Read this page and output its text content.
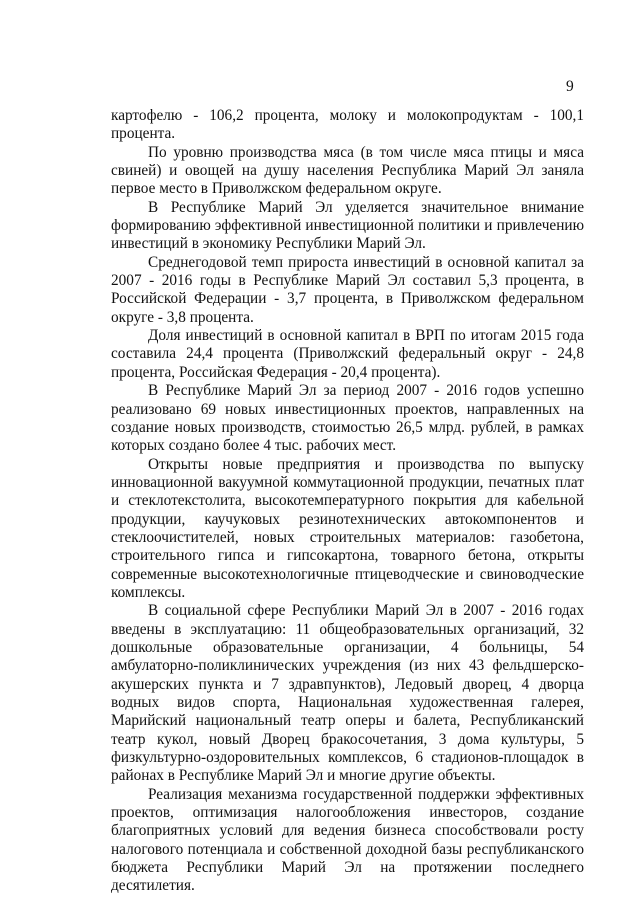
9

картофелю - 106,2 процента, молоку и молокопродуктам - 100,1 процента.

По уровню производства мяса (в том числе мяса птицы и мяса свиней) и овощей на душу населения Республика Марий Эл заняла первое место в Приволжском федеральном округе.

В Республике Марий Эл уделяется значительное внимание формированию эффективной инвестиционной политики и привлечению инвестиций в экономику Республики Марий Эл.

Среднегодовой темп прироста инвестиций в основной капитал за 2007 - 2016 годы в Республике Марий Эл составил 5,3 процента, в Российской Федерации - 3,7 процента, в Приволжском федеральном округе - 3,8 процента.

Доля инвестиций в основной капитал в ВРП по итогам 2015 года составила 24,4 процента (Приволжский федеральный округ - 24,8 процента, Российская Федерация - 20,4 процента).

В Республике Марий Эл за период 2007 - 2016 годов успешно реализовано 69 новых инвестиционных проектов, направленных на создание новых производств, стоимостью 26,5 млрд. рублей, в рамках которых создано более 4 тыс. рабочих мест.

Открыты новые предприятия и производства по выпуску инновационной вакуумной коммутационной продукции, печатных плат и стеклотекстолита, высокотемпературного покрытия для кабельной продукции, каучуковых резинотехнических автокомпонентов и стеклоочистителей, новых строительных материалов: газобетона, строительного гипса и гипсокартона, товарного бетона, открыты современные высокотехнологичные птицеводческие и свиноводческие комплексы.

В социальной сфере Республики Марий Эл в 2007 - 2016 годах введены в эксплуатацию: 11 общеобразовательных организаций, 32 дошкольные образовательные организации, 4 больницы, 54 амбулаторно-поликлинических учреждения (из них 43 фельдшерско-акушерских пункта и 7 здравпунктов), Ледовый дворец, 4 дворца водных видов спорта, Национальная художественная галерея, Марийский национальный театр оперы и балета, Республиканский театр кукол, новый Дворец бракосочетания, 3 дома культуры, 5 физкультурно-оздоровительных комплексов, 6 стадионов-площадок в районах в Республике Марий Эл и многие другие объекты.

Реализация механизма государственной поддержки эффективных проектов, оптимизация налогообложения инвесторов, создание благоприятных условий для ведения бизнеса способствовали росту налогового потенциала и собственной доходной базы республиканского бюджета Республики Марий Эл на протяжении последнего десятилетия.
